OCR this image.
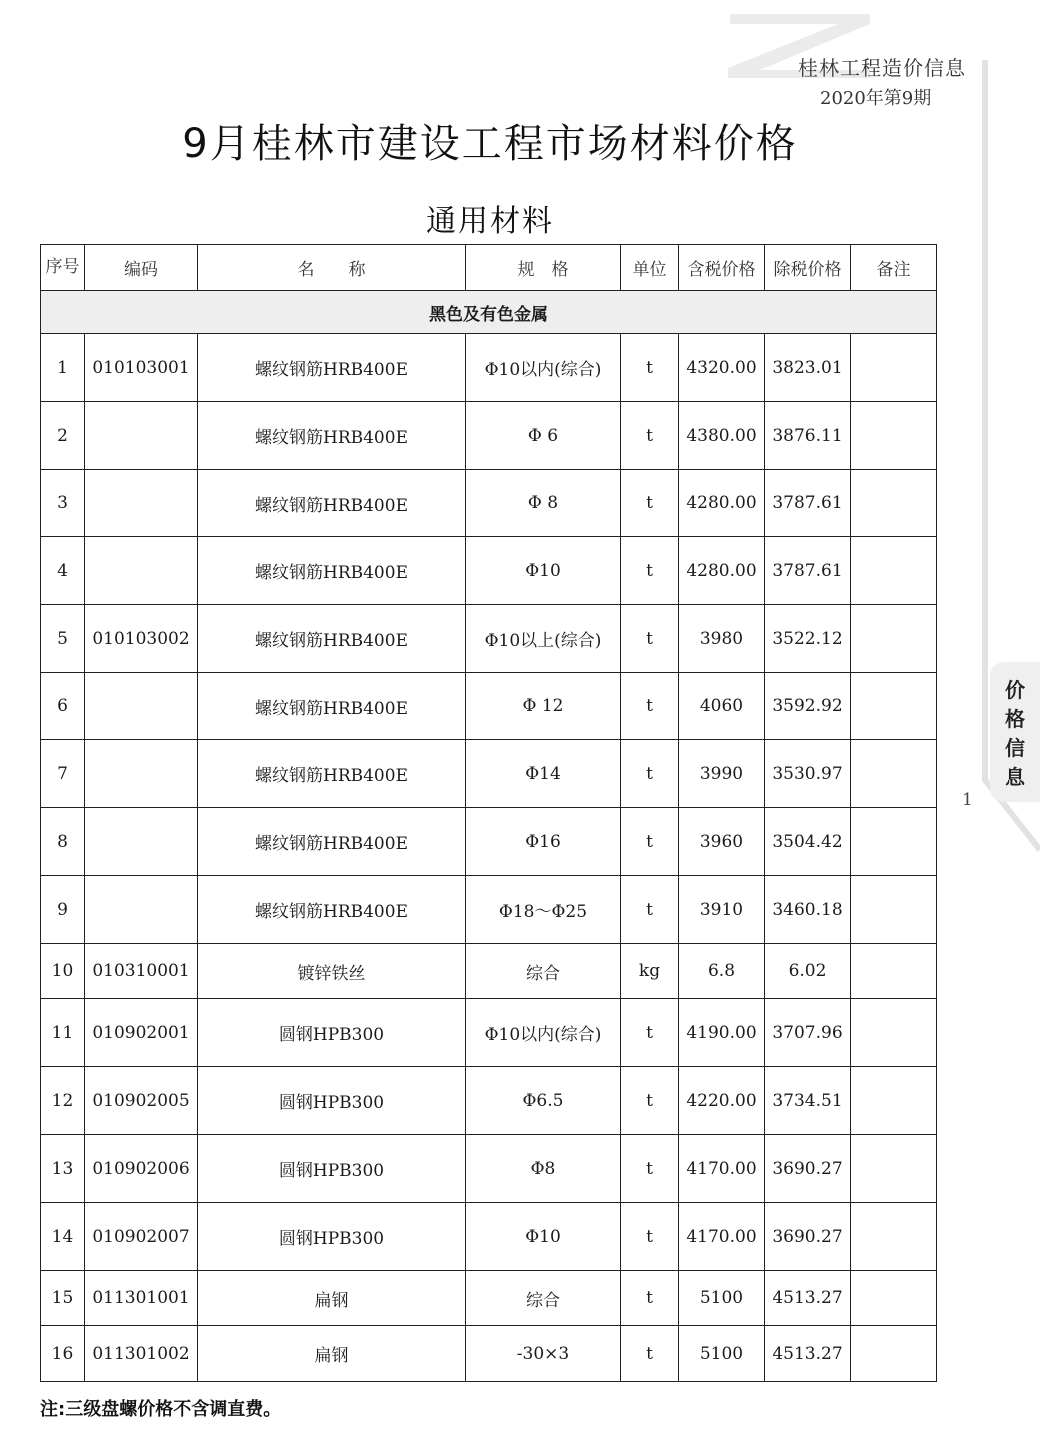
桂林工程造价信息
2020年第9期
9月桂林市建设工程市场材料价格
通用材料
价格信息
1
序号	编码	名　　称	规　格	单位	含税价格	除税价格	备注
黑色及有色金属							
1	010103001	螺纹钢筋HRB400E	Φ10以内(综合)	t	4320.00	3823.01	
2		螺纹钢筋HRB400E	Φ 6	t	4380.00	3876.11	
3		螺纹钢筋HRB400E	Φ 8	t	4280.00	3787.61	
4		螺纹钢筋HRB400E	Φ10	t	4280.00	3787.61	
5	010103002	螺纹钢筋HRB400E	Φ10以上(综合)	t	3980	3522.12	
6		螺纹钢筋HRB400E	Φ 12	t	4060	3592.92	
7		螺纹钢筋HRB400E	Φ14	t	3990	3530.97	
8		螺纹钢筋HRB400E	Φ16	t	3960	3504.42	
9		螺纹钢筋HRB400E	Φ18～Φ25	t	3910	3460.18	
10	010310001	镀锌铁丝	综合	kg	6.8	6.02	
11	010902001	圆钢HPB300	Φ10以内(综合)	t	4190.00	3707.96	
12	010902005	圆钢HPB300	Φ6.5	t	4220.00	3734.51	
13	010902006	圆钢HPB300	Φ8	t	4170.00	3690.27	
14	010902007	圆钢HPB300	Φ10	t	4170.00	3690.27	
15	011301001	扁钢	综合	t	5100	4513.27	
16	011301002	扁钢	-30×3	t	5100	4513.27	
注:三级盘螺价格不含调直费。
